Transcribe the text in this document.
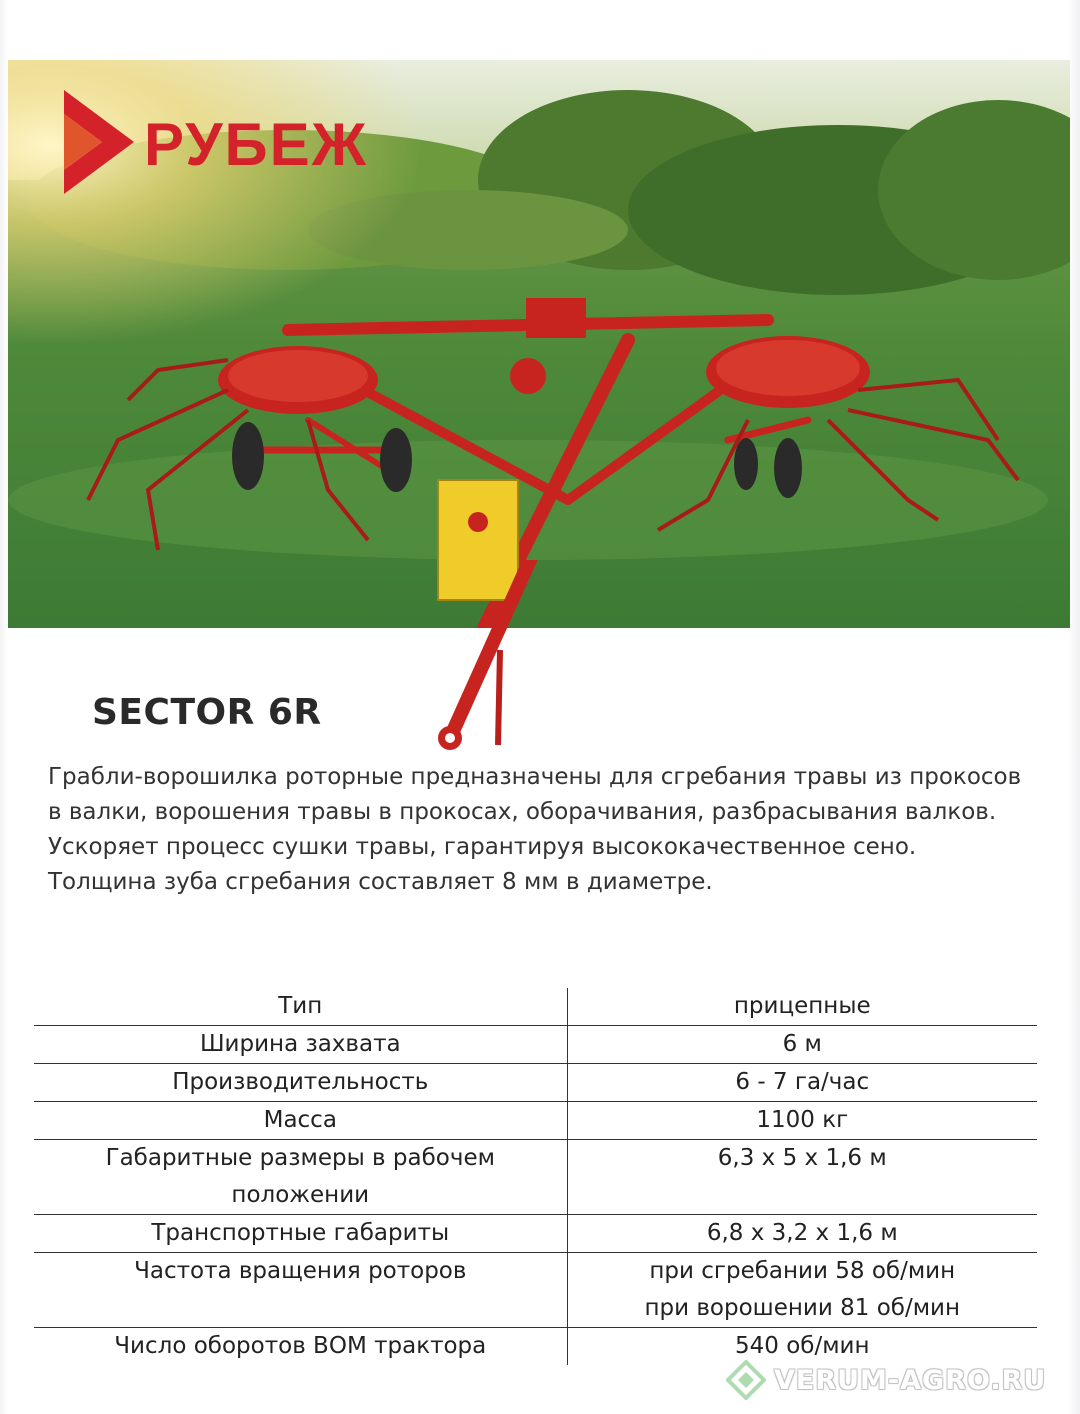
РУБЕЖ
SECTOR 6R

Грабли-ворошилка роторные предназначены для сгребания травы из прокосов

в валки, ворошения травы в прокосах, оборачивания, разбрасывания валков.

Ускоряет процесс сушки травы, гарантируя высококачественное сено.

Толщина зуба сгребания составляет 8 мм в диаметре.

Тип	прицепные
Ширина захвата	6 м
Производительность	6 - 7 га/час
Масса	1100 кг

Габаритные размеры в рабочем
положении	6,3 х 5 х 1,6 м
Транспортные габариты	6,8 х 3,2 х 1,6 м
Частота вращения роторов	при сгребании 58 об/мин
при ворошении 81 об/мин

Число оборотов ВОМ трактора	540 об/мин
VERUM-AGRO.RU
